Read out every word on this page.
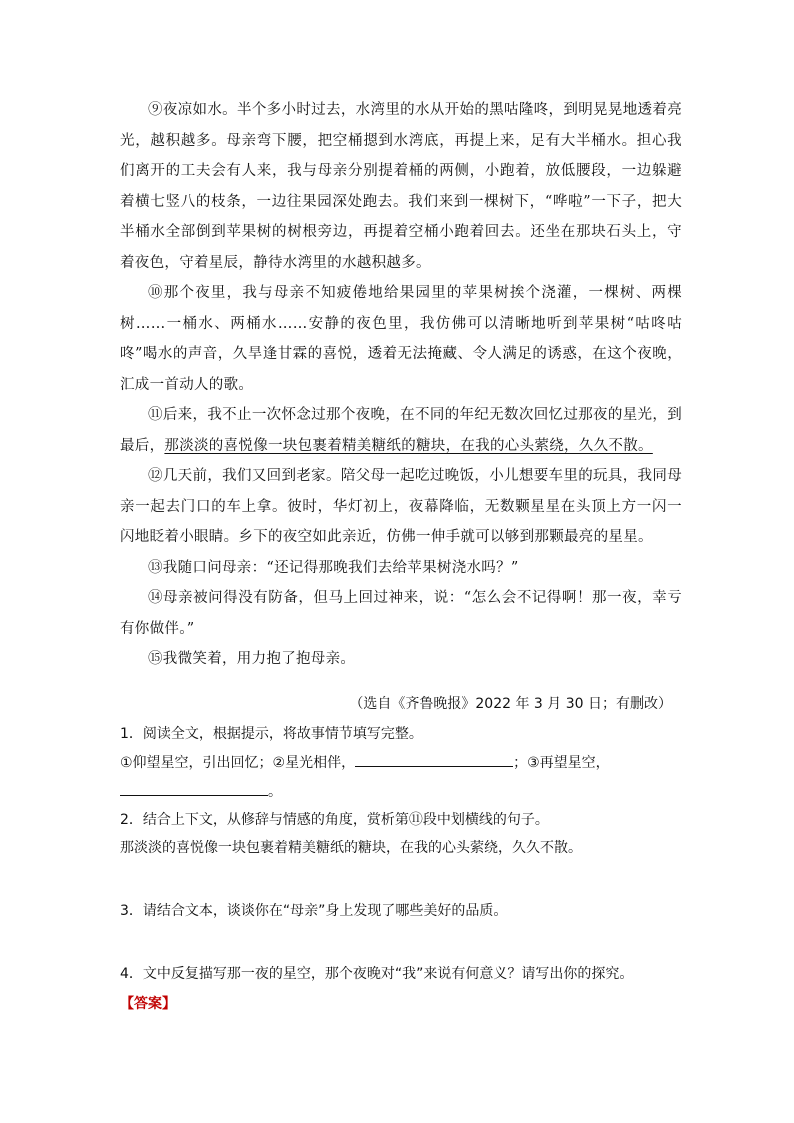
⑨夜凉如水。半个多小时过去，水湾里的水从开始的黑咕隆咚，到明晃晃地透着亮光，越积越多。母亲弯下腰，把空桶摁到水湾底，再提上来，足有大半桶水。担心我们离开的工夫会有人来，我与母亲分别提着桶的两侧，小跑着，放低腰段，一边躲避着横七竖八的枝条，一边往果园深处跑去。我们来到一棵树下，“哗啦”一下子，把大半桶水全部倒到苹果树的树根旁边，再提着空桶小跑着回去。还坐在那块石头上，守着夜色，守着星辰，静待水湾里的水越积越多。

⑩那个夜里，我与母亲不知疲倦地给果园里的苹果树挨个浇灌，一棵树、两棵树……一桶水、两桶水……安静的夜色里，我仿佛可以清晰地听到苹果树“咕咚咕咚”喝水的声音，久旱逢甘霖的喜悦，透着无法掩藏、令人满足的诱惑，在这个夜晚，汇成一首动人的歌。

⑪后来，我不止一次怀念过那个夜晚，在不同的年纪无数次回忆过那夜的星光，到最后，那淡淡的喜悦像一块包裹着精美糖纸的糖块，在我的心头萦绕，久久不散。

⑫几天前，我们又回到老家。陪父母一起吃过晚饭，小儿想要车里的玩具，我同母亲一起去门口的车上拿。彼时，华灯初上，夜幕降临，无数颗星星在头顶上方一闪一闪地眨着小眼睛。乡下的夜空如此亲近，仿佛一伸手就可以够到那颗最亮的星星。

⑬我随口问母亲：“还记得那晚我们去给苹果树浇水吗？”

⑭母亲被问得没有防备，但马上回过神来，说：“怎么会不记得啊！那一夜，幸亏有你做伴。”

⑮我微笑着，用力抱了抱母亲。

（选自《齐鲁晚报》2022 年 3 月 30 日；有删改）
1．阅读全文，根据提示，将故事情节填写完整。
①仰望星空，引出回忆；②星光相伴，	；③再望星空，
。
2．结合上下文，从修辞与情感的角度，赏析第⑪段中划横线的句子。
那淡淡的喜悦像一块包裹着精美糖纸的糖块，在我的心头萦绕，久久不散。
3．请结合文本，谈谈你在“母亲”身上发现了哪些美好的品质。
4．文中反复描写那一夜的星空，那个夜晚对“我”来说有何意义？请写出你的探究。
【答案】
